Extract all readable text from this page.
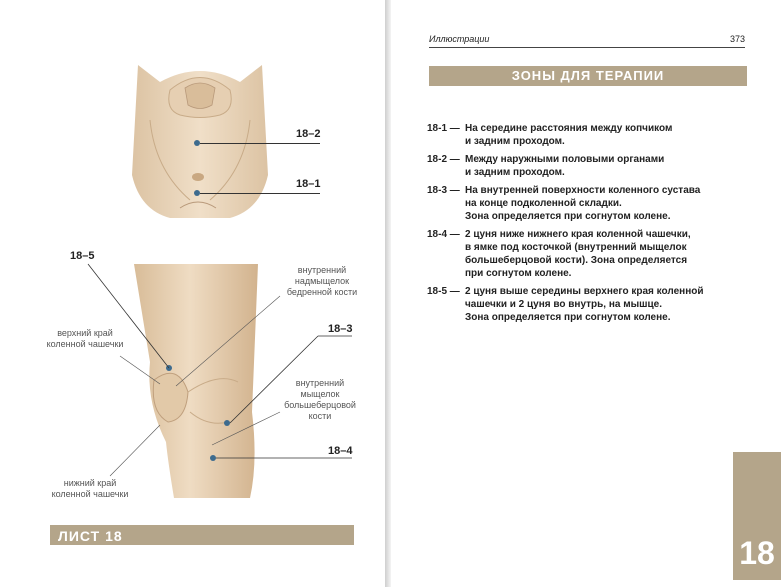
18–2
18–1
18–5
18–3
18–4
внутренний
надмыщелок
бедренной кости
верхний край
коленной чашечки
внутренний
мыщелок
большеберцовой
кости
нижний край
коленной чашечки
ЛИСТ 18
Иллюстрации	373
ЗОНЫ ДЛЯ ТЕРАПИИ
18-1 — На середине расстояния между копчиком
и задним проходом.
18-2 — Между наружными половыми органами
и задним проходом.
18-3 — На внутренней поверхности коленного сустава
на конце подколенной складки.
Зона определяется при согнутом колене.
18-4 — 2 цуня ниже нижнего края коленной чашечки,
в ямке под косточкой (внутренний мыщелок
большеберцовой кости). Зона определяется
при согнутом колене.
18-5 — 2 цуня выше середины верхнего края коленной
чашечки и 2 цуня во внутрь, на мышце.
Зона определяется при согнутом колене.
18
